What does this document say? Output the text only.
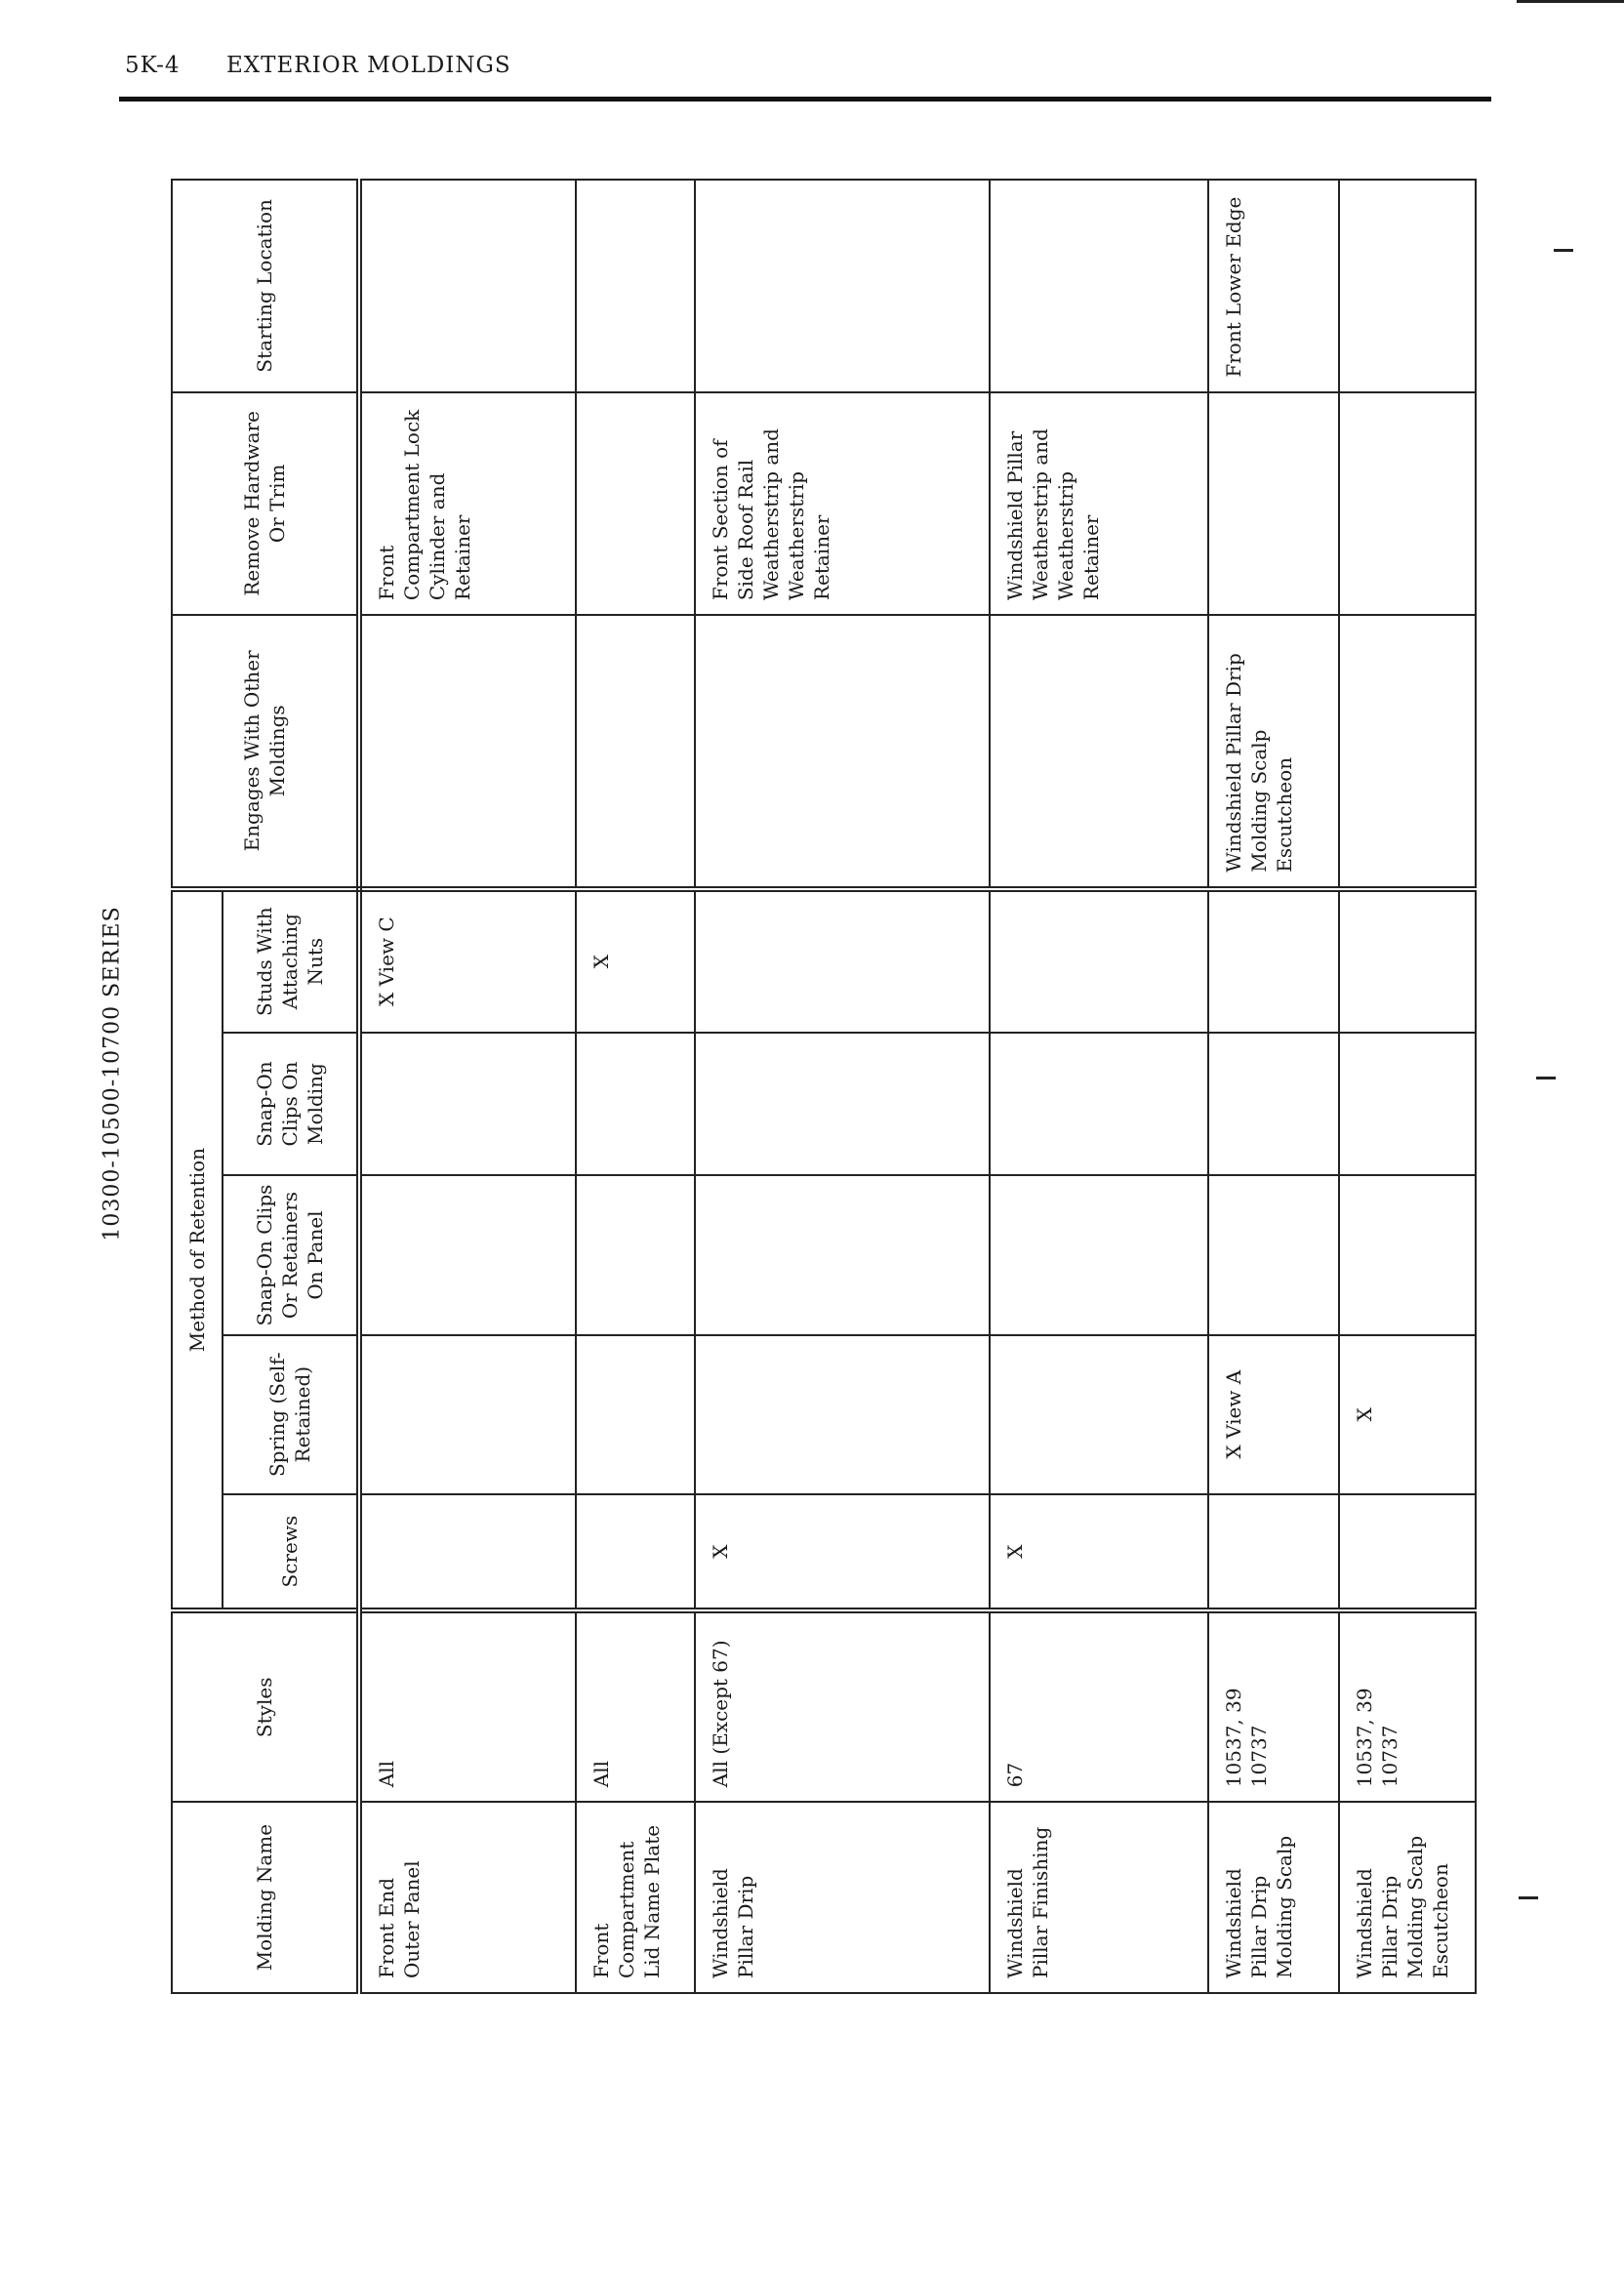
5K-4 EXTERIOR MOLDINGS
10300-10500-10700 SERIES
Molding Name	Styles	Method of Retention					Engages With Other Moldings	Remove Hardware Or Trim	Starting Location
		Screws	Spring (Self-Retained)	Snap-On Clips Or Retainers On Panel	Snap-On Clips On Molding	Studs With Attaching Nuts			
Front End Outer Panel	All					X View C		Front Compartment Lock Cylinder and Retainer	
Front Compartment Lid Name Plate	All					X			
Windshield Pillar Drip	All (Except 67)	X						Front Section of Side Roof Rail Weatherstrip and Weatherstrip Retainer	
Windshield Pillar Finishing	67	X						Windshield Pillar Weatherstrip and Weatherstrip Retainer	
Windshield Pillar Drip Molding Scalp	10537, 39 10737		X View A				Windshield Pillar Drip Molding Scalp Escutcheon		Front Lower Edge
Windshield Pillar Drip Molding Scalp Escutcheon	10537, 39 10737		X						
